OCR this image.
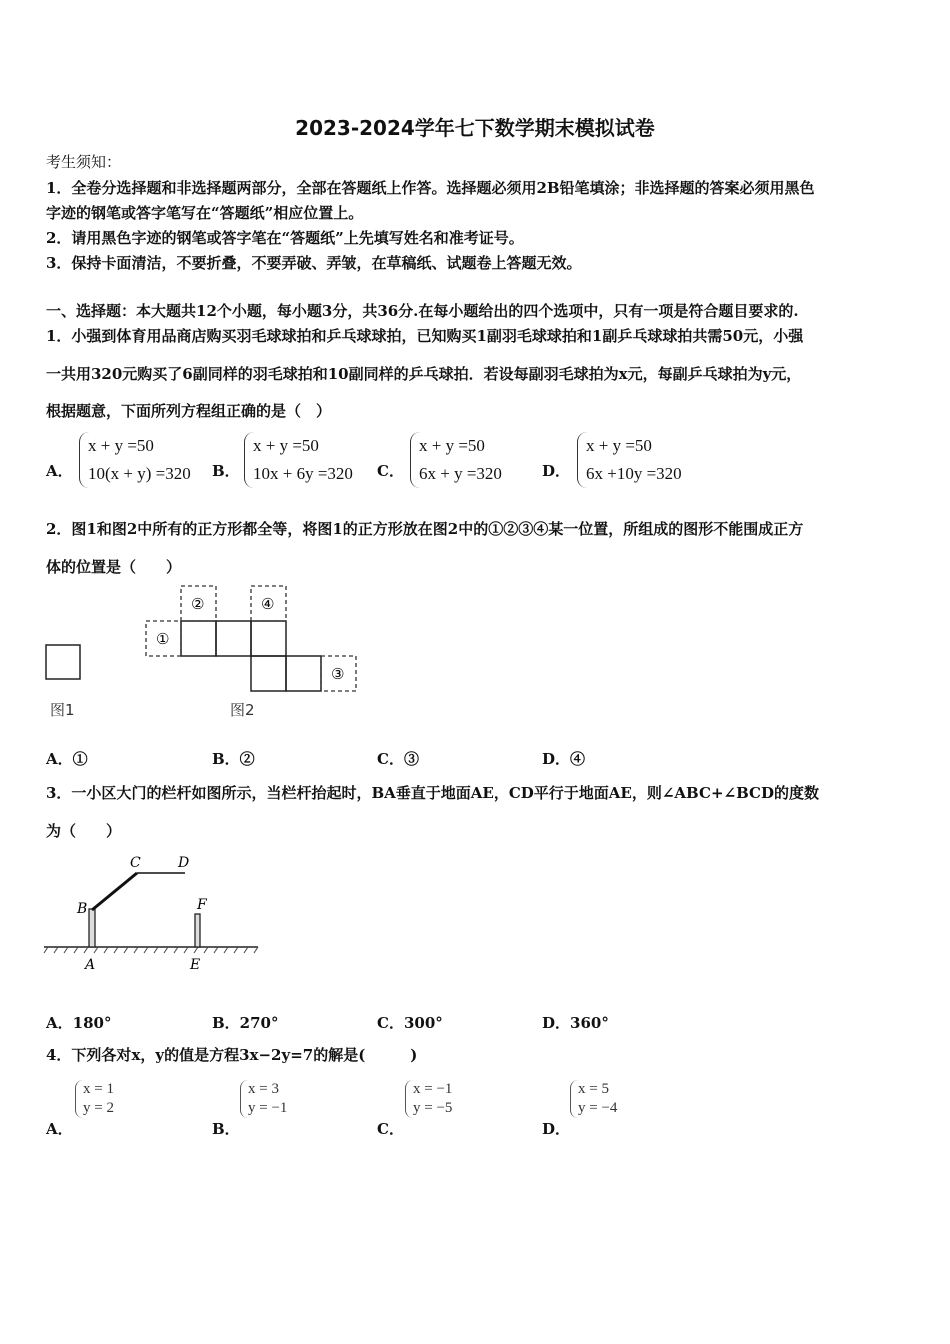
2023-2024学年七下数学期末模拟试卷
考生须知：
1．全卷分选择题和非选择题两部分，全部在答题纸上作答。选择题必须用2B铅笔填涂；非选择题的答案必须用黑色
字迹的钢笔或答字笔写在“答题纸”相应位置上。
2．请用黑色字迹的钢笔或答字笔在“答题纸”上先填写姓名和准考证号。
3．保持卡面清洁，不要折叠，不要弄破、弄皱，在草稿纸、试题卷上答题无效。
一、选择题：本大题共12个小题，每小题3分，共36分.在每小题给出的四个选项中，只有一项是符合题目要求的.
1．小强到体育用品商店购买羽毛球球拍和乒乓球球拍，已知购买1副羽毛球球拍和1副乒乓球球拍共需50元，小强
一共用320元购买了6副同样的羽毛球拍和10副同样的乒乓球拍．若设每副羽毛球拍为x元，每副乒乓球拍为y元，
根据题意，下面所列方程组正确的是（　）
A．
x + y =50
10(x + y) =320 B．
x + y =50
10x + 6y =320 C．
x + y =50
6x + y =320	D．
x + y =50
6x +10y =320
2．图1和图2中所有的正方形都全等，将图1的正方形放在图2中的①②③④某一位置，所组成的图形不能围成正方
体的位置是（　　）
图1
①
②	④
③
图2
A．①	B．②	C．③	D．④
3．一小区大门的栏杆如图所示，当栏杆抬起时，BA垂直于地面AE，CD平行于地面AE，则∠ABC+∠BCD的度数
为（　　）
A
B
C	D
E
F
A．180°	B．270°	C．300°	D．360°
4．下列各对x，y的值是方程3x−2y=7的解是(　　　)
A．
x = 1
y = 2
B．
x = 3
y = −1
C．
x = −1
y = −5
D．
x = 5
y = −4
